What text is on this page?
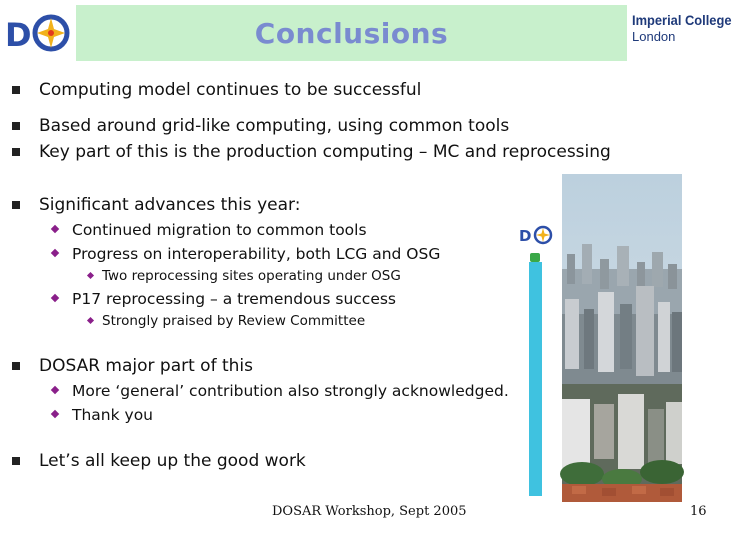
D	Conclusions	Imperial College
London
Computing model continues to be successful
Based around grid-like computing, using common tools
Key part of this is the production computing – MC and reprocessing
Significant advances this year:
Continued migration to common tools
Progress on interoperability, both LCG and OSG
Two reprocessing sites operating under OSG
P17 reprocessing – a tremendous success
Strongly praised by Review Committee
DOSAR major part of this
More ‘general’ contribution also strongly acknowledged.
Thank you
Let’s all keep up the good work
D
DOSAR Workshop, Sept 2005	16
